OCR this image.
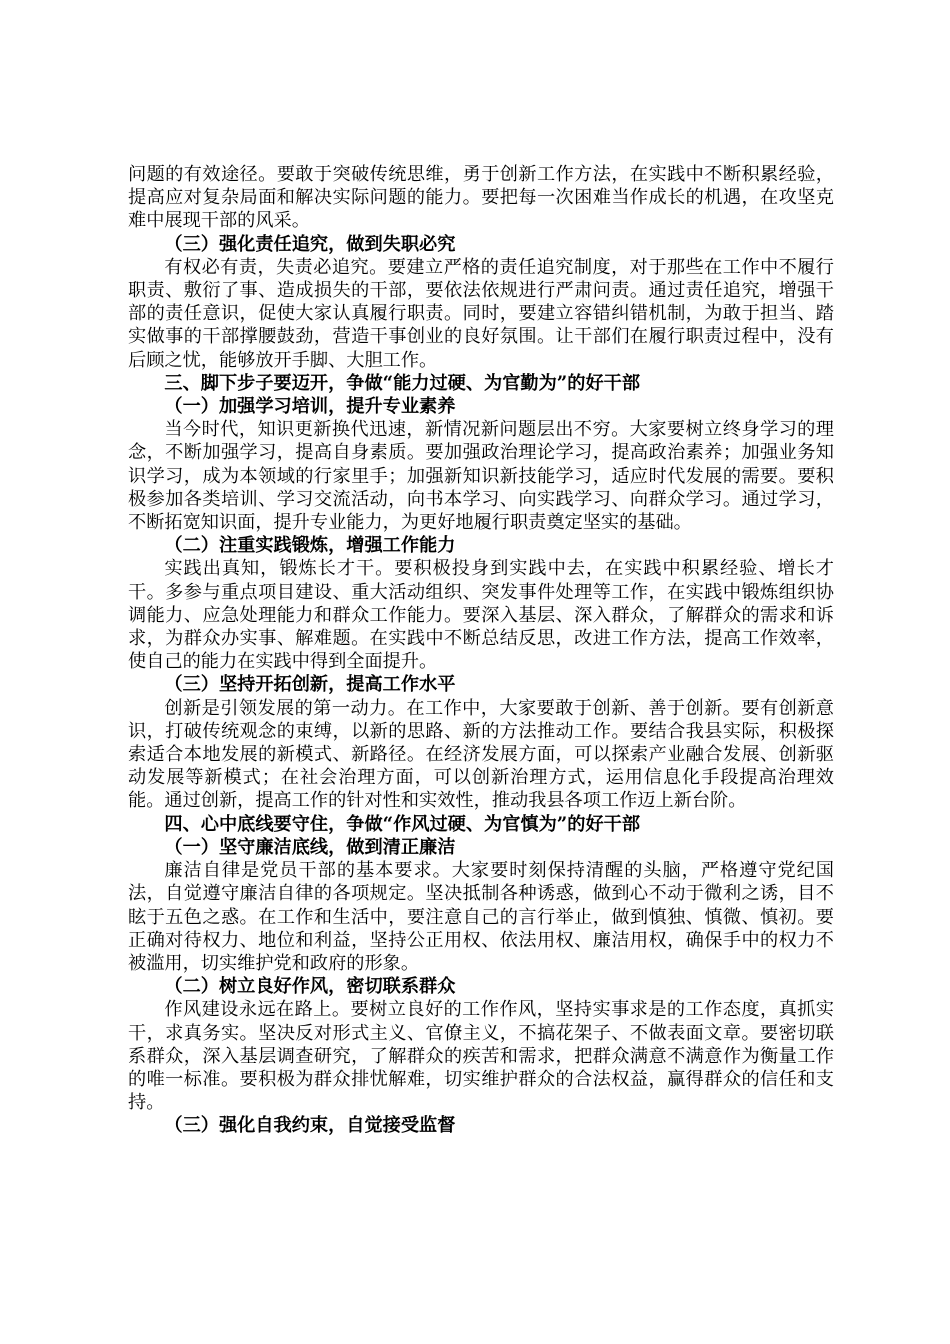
问题的有效途径。要敢于突破传统思维，勇于创新工作方法，在实践中不断积累经验，提高应对复杂局面和解决实际问题的能力。要把每一次困难当作成长的机遇，在攻坚克难中展现干部的风采。

（三）强化责任追究，做到失职必究

有权必有责，失责必追究。要建立严格的责任追究制度，对于那些在工作中不履行职责、敷衍了事、造成损失的干部，要依法依规进行严肃问责。通过责任追究，增强干部的责任意识，促使大家认真履行职责。同时，要建立容错纠错机制，为敢于担当、踏实做事的干部撑腰鼓劲，营造干事创业的良好氛围。让干部们在履行职责过程中，没有后顾之忧，能够放开手脚、大胆工作。

三、脚下步子要迈开，争做“能力过硬、为官勤为”的好干部

（一）加强学习培训，提升专业素养

当今时代，知识更新换代迅速，新情况新问题层出不穷。大家要树立终身学习的理念，不断加强学习，提高自身素质。要加强政治理论学习，提高政治素养；加强业务知识学习，成为本领域的行家里手；加强新知识新技能学习，适应时代发展的需要。要积极参加各类培训、学习交流活动，向书本学习、向实践学习、向群众学习。通过学习，不断拓宽知识面，提升专业能力，为更好地履行职责奠定坚实的基础。

（二）注重实践锻炼，增强工作能力

实践出真知，锻炼长才干。要积极投身到实践中去，在实践中积累经验、增长才干。多参与重点项目建设、重大活动组织、突发事件处理等工作，在实践中锻炼组织协调能力、应急处理能力和群众工作能力。要深入基层、深入群众，了解群众的需求和诉求，为群众办实事、解难题。在实践中不断总结反思，改进工作方法，提高工作效率，使自己的能力在实践中得到全面提升。

（三）坚持开拓创新，提高工作水平

创新是引领发展的第一动力。在工作中，大家要敢于创新、善于创新。要有创新意识，打破传统观念的束缚，以新的思路、新的方法推动工作。要结合我县实际，积极探索适合本地发展的新模式、新路径。在经济发展方面，可以探索产业融合发展、创新驱动发展等新模式；在社会治理方面，可以创新治理方式，运用信息化手段提高治理效能。通过创新，提高工作的针对性和实效性，推动我县各项工作迈上新台阶。

四、心中底线要守住，争做“作风过硬、为官慎为”的好干部

（一）坚守廉洁底线，做到清正廉洁

廉洁自律是党员干部的基本要求。大家要时刻保持清醒的头脑，严格遵守党纪国法，自觉遵守廉洁自律的各项规定。坚决抵制各种诱惑，做到心不动于微利之诱，目不眩于五色之惑。在工作和生活中，要注意自己的言行举止，做到慎独、慎微、慎初。要正确对待权力、地位和利益，坚持公正用权、依法用权、廉洁用权，确保手中的权力不被滥用，切实维护党和政府的形象。

（二）树立良好作风，密切联系群众

作风建设永远在路上。要树立良好的工作作风，坚持实事求是的工作态度，真抓实干，求真务实。坚决反对形式主义、官僚主义，不搞花架子、不做表面文章。要密切联系群众，深入基层调查研究，了解群众的疾苦和需求，把群众满意不满意作为衡量工作的唯一标准。要积极为群众排忧解难，切实维护群众的合法权益，赢得群众的信任和支持。

（三）强化自我约束，自觉接受监督
